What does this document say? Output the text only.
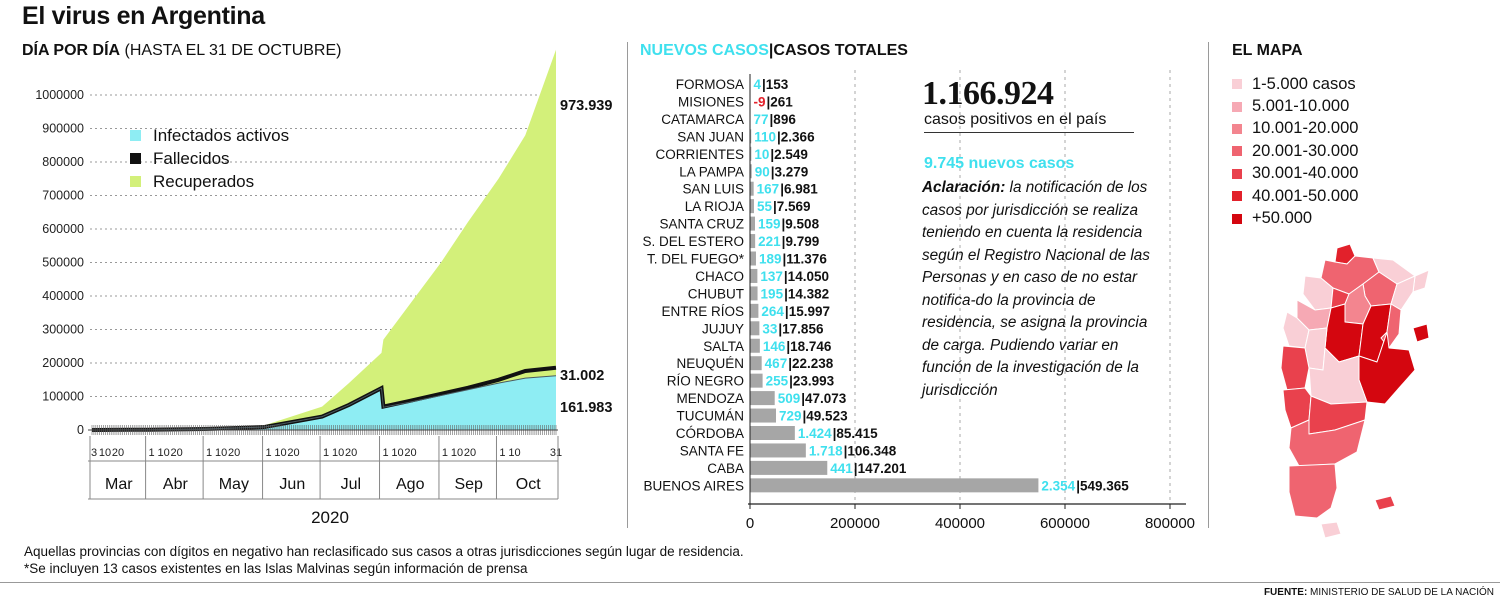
El virus en Argentina
DÍA POR DÍA (HASTA EL 31 DE OCTUBRE)	NUEVOS CASOS|CASOS TOTALES	EL MAPA
0
100000
200000
300000
400000
500000
600000
700000
800000
900000
1000000
Mar
3 10 20
Abr
1 10 20
May
1 10 20
Jun
1 10 20
Jul
1 10 20
Ago
1 10 20
Sep
1 10 20
Oct
1 10	31
2020
973.939
31.002
161.983
Infectados activos
Fallecidos
Recuperados
FORMOSA 4 |153
MISIONES -9 |261
CATAMARCA 77 |896
SAN JUAN 110 |2.366
CORRIENTES 10 |2.549
LA PAMPA 90 |3.279
SAN LUIS 167 |6.981
LA RIOJA 55 |7.569
SANTA CRUZ 159 |9.508
S. DEL ESTERO 221 |9.799
T. DEL FUEGO* 189 |11.376
CHACO 137 |14.050
CHUBUT 195 |14.382
ENTRE RÍOS 264 |15.997
JUJUY 33 |17.856
SALTA 146 |18.746
NEUQUÉN 467 |22.238
RÍO NEGRO 255 |23.993
MENDOZA 509 |47.073
TUCUMÁN	729 |49.523
CÓRDOBA	1.424 |85.415
SANTA FE	1.718 |106.348
CABA	441 |147.201
BUENOS AIRES	2.354 |549.365
0	200000	400000	600000	800000
1.166.924
casos positivos en el país
9.745 nuevos casos
Aclaración: la notificación de los casos por jurisdicción se realiza teniendo en cuenta la residencia según el Registro Nacional de las Personas y en caso de no estar notifica-do la provincia de residencia, se asigna la provincia de carga. Pudiendo variar en función de la investigación de la jurisdicción
1-5.000 casos
5.001-10.000
10.001-20.000
20.001-30.000
30.001-40.000
40.001-50.000
+50.000
Aquellas provincias con dígitos en negativo han reclasificado sus casos a otras jurisdicciones según lugar de residencia.
*Se incluyen 13 casos existentes en las Islas Malvinas según información de prensa
FUENTE: MINISTERIO DE SALUD DE LA NACIÓN
